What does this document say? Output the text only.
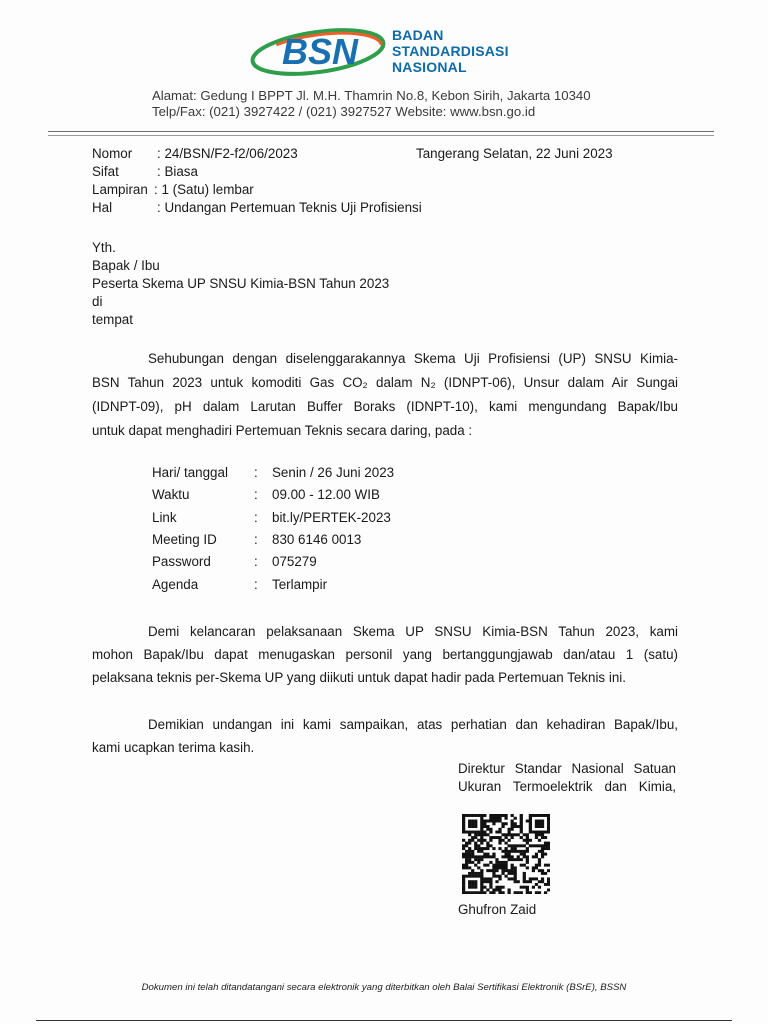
BSN BADAN
STANDARDISASI
NASIONAL
Alamat: Gedung I BPPT Jl. M.H. Thamrin No.8, Kebon Sirih, Jakarta 10340
Telp/Fax: (021) 3927422 / (021) 3927527 Website: www.bsn.go.id
Nomor : 24/BSN/F2-f2/06/2023	Tangerang Selatan, 22 Juni 2023
Sifat	: Biasa
Lampiran : 1 (Satu) lembar
Hal	: Undangan Pertemuan Teknis Uji Profisiensi
Yth.
Bapak / Ibu
Peserta Skema UP SNSU Kimia-BSN Tahun 2023
di
tempat
Sehubungan dengan diselenggarakannya Skema Uji Profisiensi (UP) SNSU Kimia-
BSN Tahun 2023 untuk komoditi Gas CO₂ dalam N₂ (IDNPT-06), Unsur dalam Air Sungai
(IDNPT-09), pH dalam Larutan Buffer Boraks (IDNPT-10), kami mengundang Bapak/Ibu
untuk dapat menghadiri Pertemuan Teknis secara daring, pada :
Hari/ tanggal : Senin / 26 Juni 2023
Waktu	: 09.00 - 12.00 WIB
Link	: bit.ly/PERTEK-2023
Meeting ID	: 830 6146 0013
Password	: 075279
Agenda	: Terlampir
Demi kelancaran pelaksanaan Skema UP SNSU Kimia-BSN Tahun 2023, kami
mohon Bapak/Ibu dapat menugaskan personil yang bertanggungjawab dan/atau 1 (satu)
pelaksana teknis per-Skema UP yang diikuti untuk dapat hadir pada Pertemuan Teknis ini.
Demikian undangan ini kami sampaikan, atas perhatian dan kehadiran Bapak/Ibu,
kami ucapkan terima kasih.
Direktur Standar Nasional Satuan
Ukuran Termoelektrik dan Kimia,
Ghufron Zaid
Dokumen ini telah ditandatangani secara elektronik yang diterbitkan oleh Balai Sertifikasi Elektronik (BSrE), BSSN
